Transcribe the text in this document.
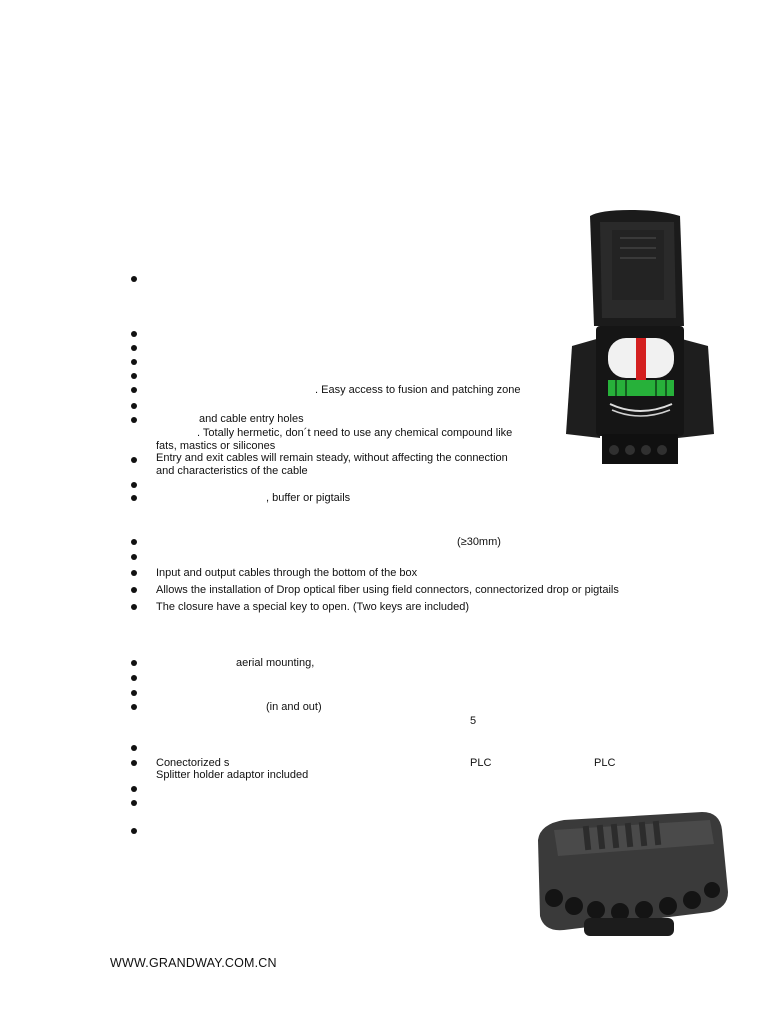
. Easy access to fusion and patching zone
and cable entry holes
. Totally hermetic, don´t need to use any chemical compound like
fats, mastics or silicones
Entry and exit cables will remain steady, without affecting the connection
and characteristics of the cable
, buffer or pigtails
(≥30mm)
Input and output cables through the bottom of the box
Allows the installation of Drop optical fiber using field connectors, connectorized drop or pigtails
The closure have a special key to open. (Two keys are included)
aerial mounting,
(in and out)
5
Conectorized s	PLC	PLC
Splitter holder adaptor included
WWW.GRANDWAY.COM.CN
